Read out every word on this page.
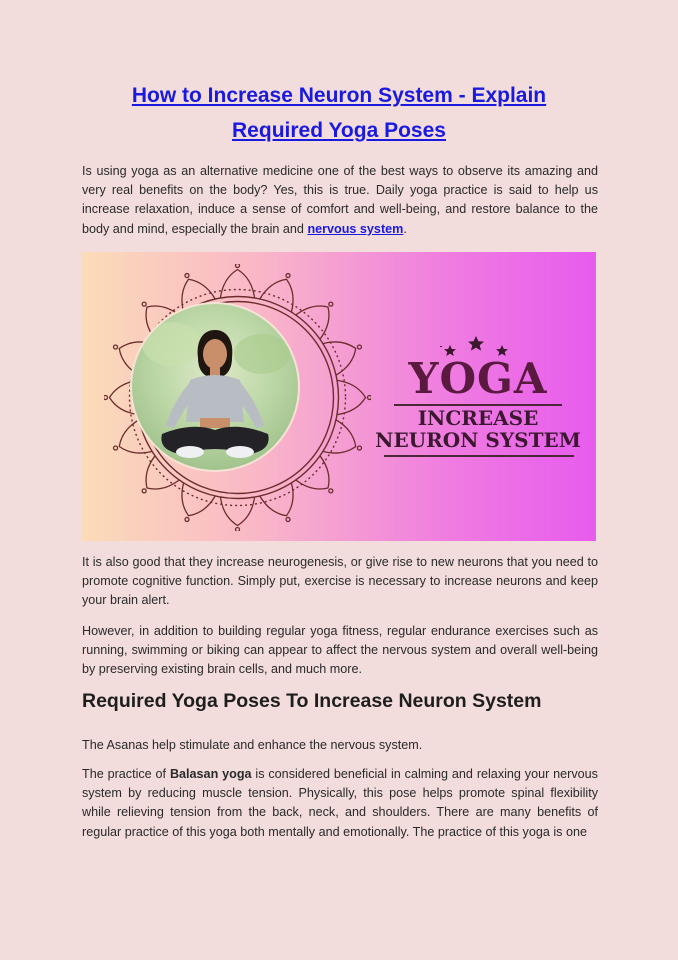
How to Increase Neuron System - Explain
Required Yoga Poses

Is using yoga as an alternative medicine one of the best ways to observe its amazing and very real benefits on the body? Yes, this is true. Daily yoga practice is said to help us increase relaxation, induce a sense of comfort and well-being, and restore balance to the body and mind, especially the brain and nervous system.

YOGA
INCREASE
NEURON SYSTEM

It is also good that they increase neurogenesis, or give rise to new neurons that you need to promote cognitive function. Simply put, exercise is necessary to increase neurons and keep your brain alert.

However, in addition to building regular yoga fitness, regular endurance exercises such as running, swimming or biking can appear to affect the nervous system and overall well-being by preserving existing brain cells, and much more.

Required Yoga Poses To Increase Neuron System

The Asanas help stimulate and enhance the nervous system.

The practice of Balasan yoga is considered beneficial in calming and relaxing your nervous system by reducing muscle tension. Physically, this pose helps promote spinal flexibility while relieving tension from the back, neck, and shoulders. There are many benefits of regular practice of this yoga both mentally and emotionally. The practice of this yoga is one
